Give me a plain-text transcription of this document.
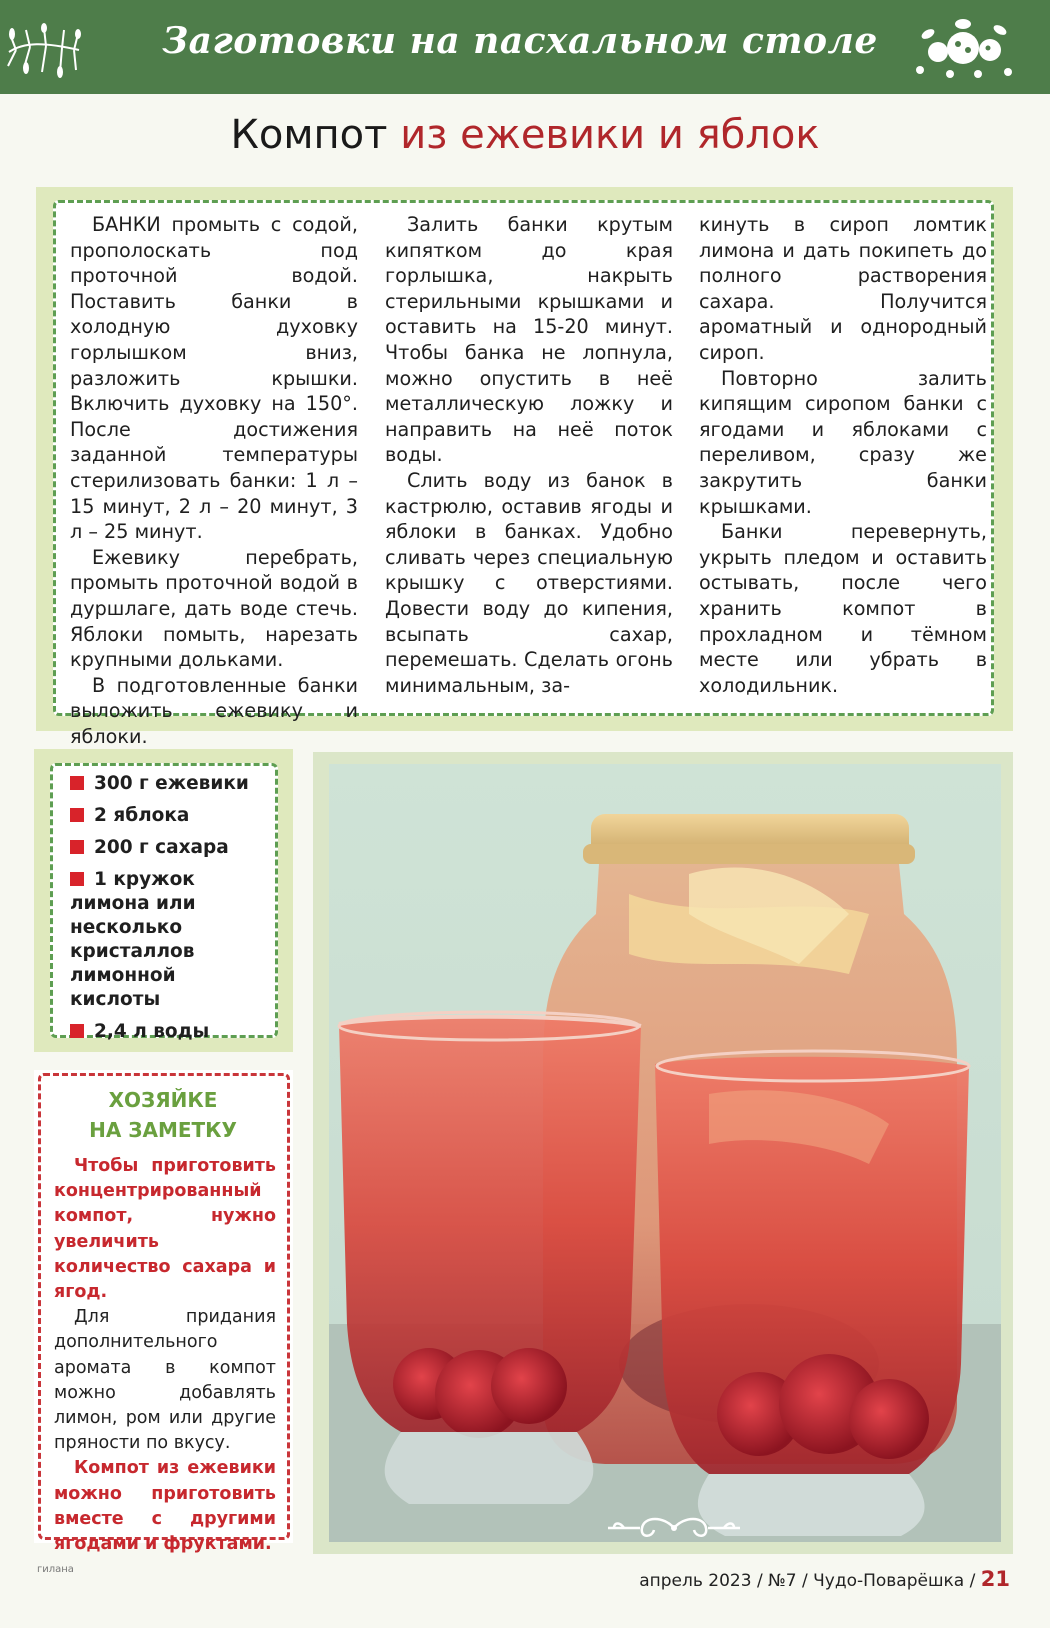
Заготовки на пасхальном столе
Компот из ежевики и яблок

БАНКИ промыть с содой, прополоскать под проточной водой. Поставить банки в холодную духовку горлышком вниз, разложить крышки. Включить духовку на 150°. После достижения заданной температуры стерилизовать банки: 1 л – 15 минут, 2 л – 20 минут, 3 л – 25 минут.

Ежевику перебрать, промыть проточной водой в дуршлаге, дать воде стечь. Яблоки помыть, нарезать крупными дольками.

В подготовленные банки выложить ежевику и яблоки.

Залить банки крутым кипятком до края горлышка, накрыть стерильными крышками и оставить на 15-20 минут. Чтобы банка не лопнула, можно опустить в неё металлическую ложку и направить на неё поток воды.

Слить воду из банок в кастрюлю, оставив ягоды и яблоки в банках. Удобно сливать через специальную крышку с отверстиями. Довести воду до кипения, всыпать сахар, перемешать. Сделать огонь минимальным, за-

кинуть в сироп ломтик лимона и дать покипеть до полного растворения сахара. Получится ароматный и однородный сироп.

Повторно залить кипящим сиропом банки с ягодами и яблоками с переливом, сразу же закрутить банки крышками.

Банки перевернуть, укрыть пледом и оставить остывать, после чего хранить компот в прохладном и тёмном месте или убрать в холодильник.

300 г ежевики
2 яблока
200 г сахара
1 кружок лимона или несколько кристаллов лимонной кислоты
2,4 л воды
ХОЗЯЙКЕ
НА ЗАМЕТКУ

Чтобы приготовить концентрированный компот, нужно увеличить количество сахара и ягод.

Для придания дополнительного аромата в компот можно добавлять лимон, ром или другие пряности по вкусу.

Компот из ежевики можно приготовить вместе с другими ягодами и фруктами.

гилана
апрель 2023 / №7 / Чудо-Поварёшка / 21
